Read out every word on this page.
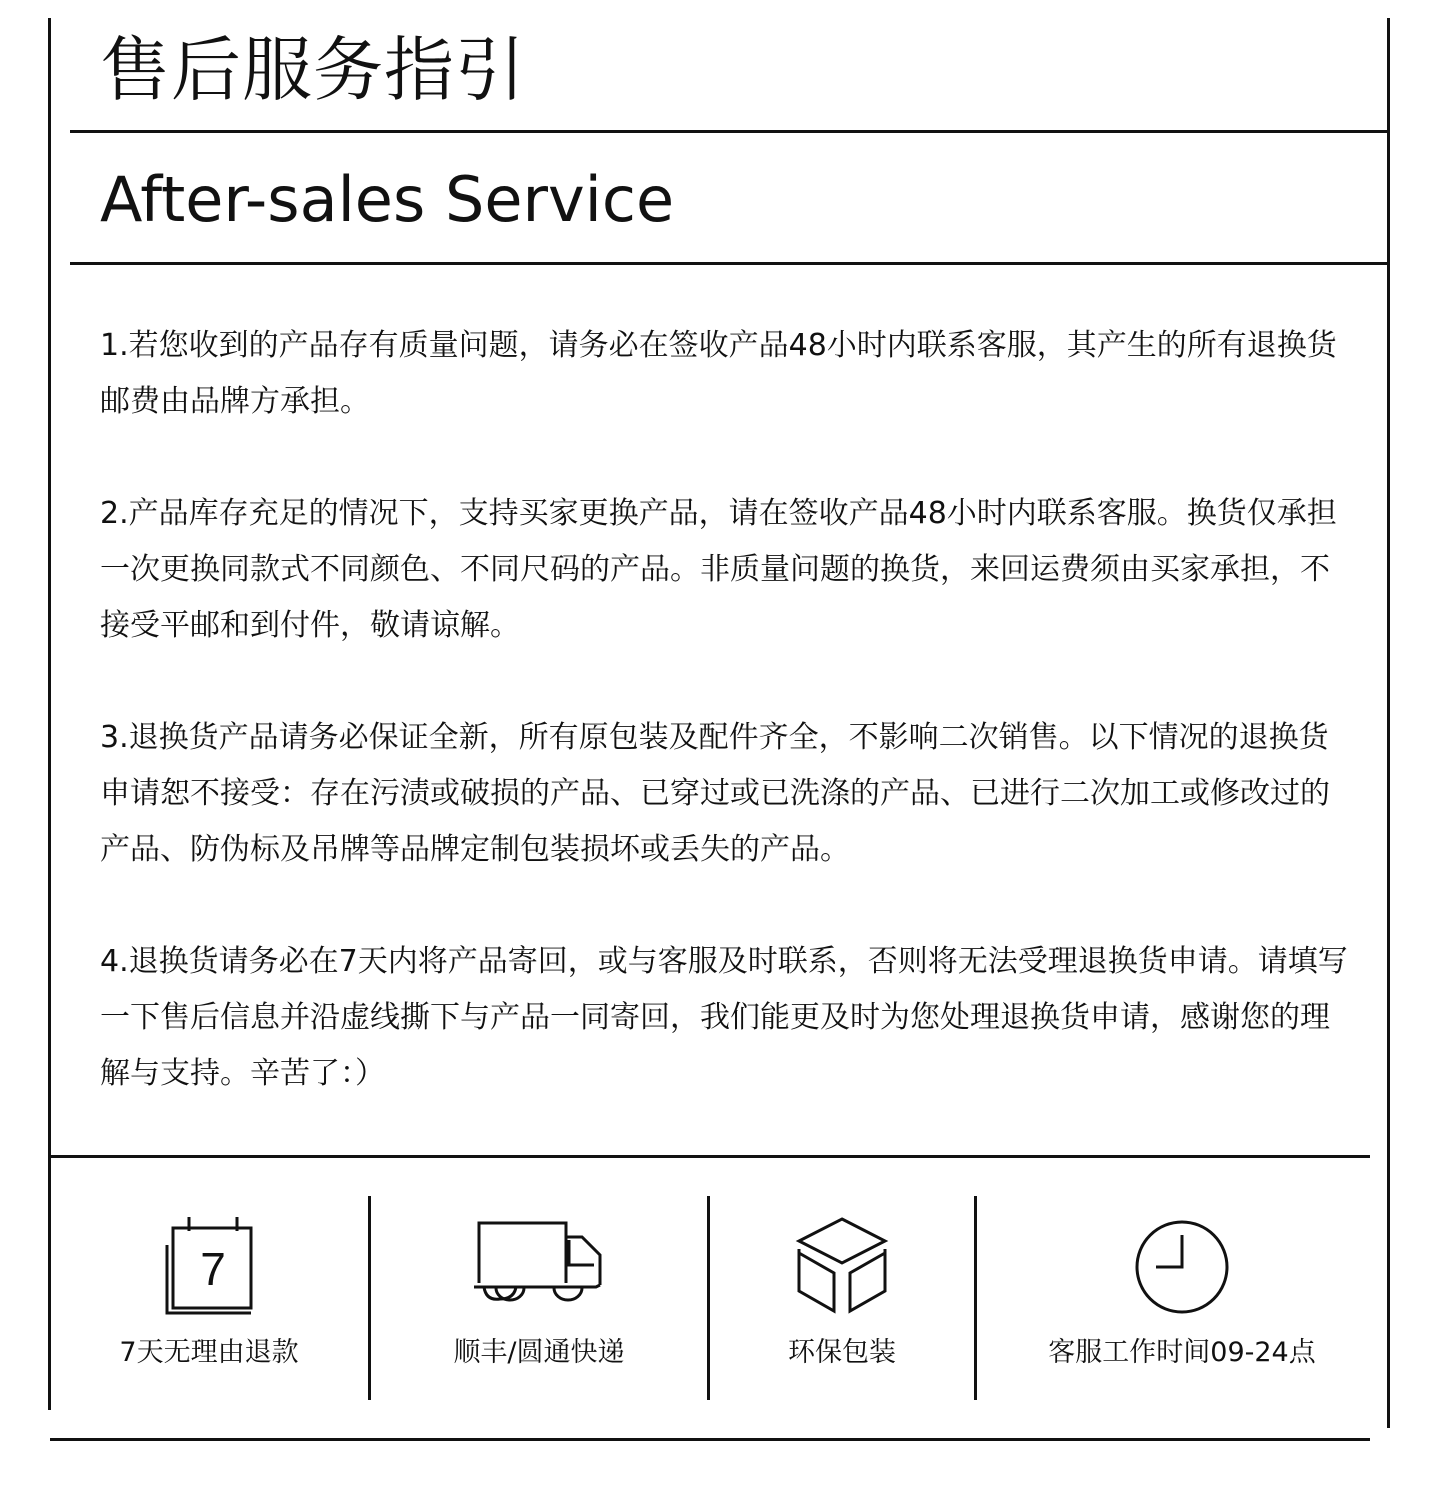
售后服务指引
After-sales Service

1.若您收到的产品存有质量问题，请务必在签收产品48小时内联系客服，其产生的所有退换货邮费由品牌方承担。

2.产品库存充足的情况下，支持买家更换产品，请在签收产品48小时内联系客服。换货仅承担一次更换同款式不同颜色、不同尺码的产品。非质量问题的换货，来回运费须由买家承担，不接受平邮和到付件，敬请谅解。

3.退换货产品请务必保证全新，所有原包装及配件齐全，不影响二次销售。以下情况的退换货申请恕不接受：存在污渍或破损的产品、已穿过或已洗涤的产品、已进行二次加工或修改过的产品、防伪标及吊牌等品牌定制包装损坏或丢失的产品。

4.退换货请务必在7天内将产品寄回，或与客服及时联系，否则将无法受理退换货申请。请填写一下售后信息并沿虚线撕下与产品一同寄回，我们能更及时为您处理退换货申请，感谢您的理解与支持。辛苦了：）

7
7天无理由退款	顺丰/圆通快递	环保包装	客服工作时间09-24点
